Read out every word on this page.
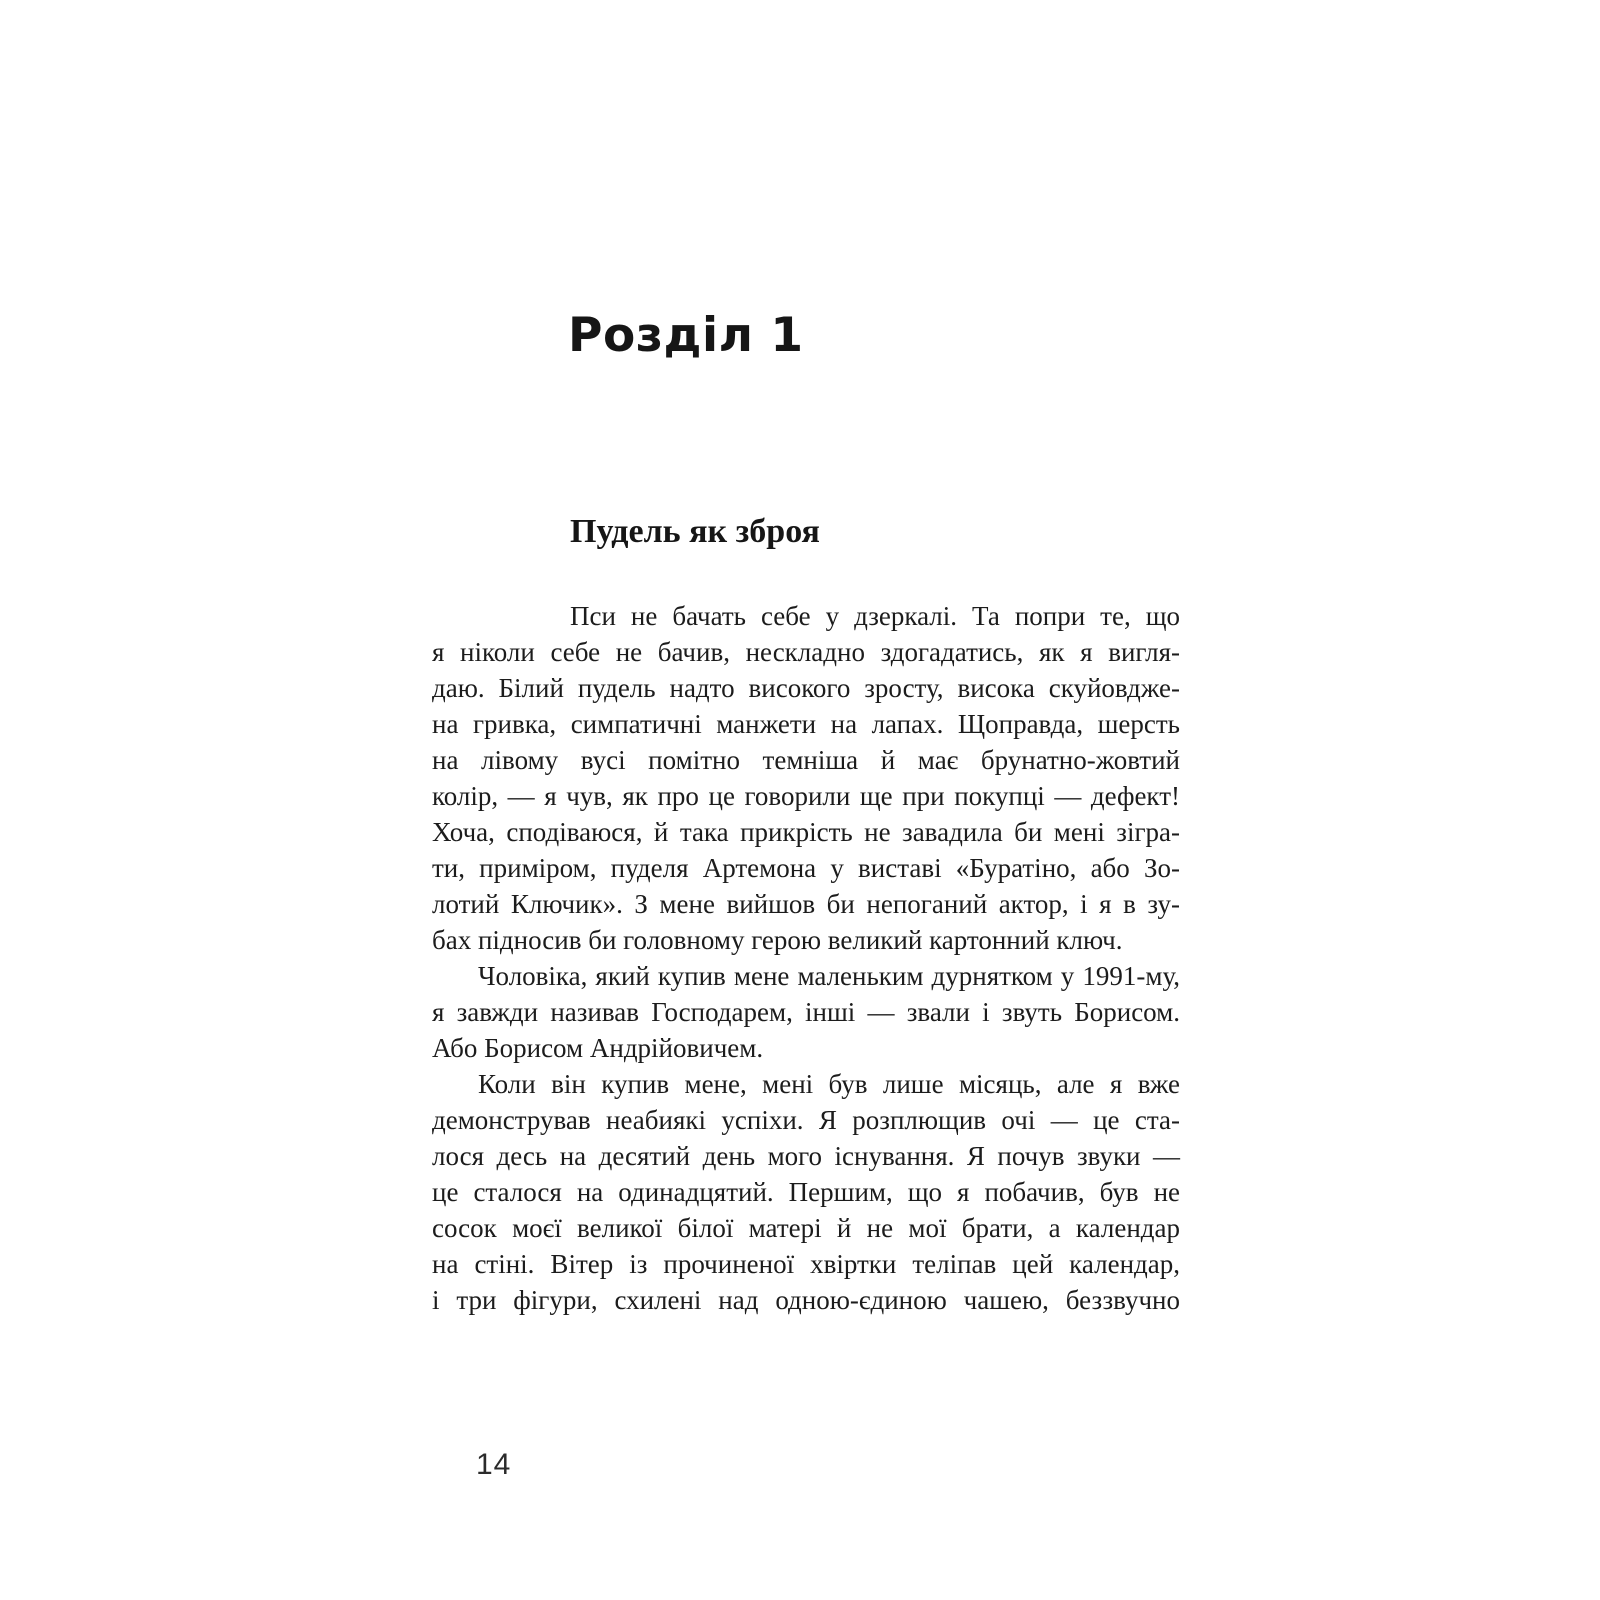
Розділ 1
Пудель як зброя
Пси не бачать себе у дзеркалі. Та попри те, що
я ніколи себе не бачив, нескладно здогадатись, як я вигля-
даю. Білий пудель надто високого зросту, висока скуйовдже-
на гривка, симпатичні манжети на лапах. Щоправда, шерсть
на лівому вусі помітно темніша й має брунатно-жовтий
колір, — я чув, як про це говорили ще при покупці — дефект!
Хоча, сподіваюся, й така прикрість не завадила би мені зігра-
ти, приміром, пуделя Артемона у виставі «Буратіно, або Зо-
лотий Ключик». З мене вийшов би непоганий актор, і я в зу-
бах підносив би головному герою великий картонний ключ.
Чоловіка, який купив мене маленьким дурнятком у 1991-му,
я завжди називав Господарем, інші — звали і звуть Борисом.
Або Борисом Андрійовичем.
Коли він купив мене, мені був лише місяць, але я вже
демонстрував неабиякі успіхи. Я розплющив очі — це ста-
лося десь на десятий день мого існування. Я почув звуки —
це сталося на одинадцятий. Першим, що я побачив, був не
сосок моєї великої білої матері й не мої брати, а календар
на стіні. Вітер із прочиненої хвіртки теліпав цей календар,
і три фігури, схилені над одною-єдиною чашею, беззвучно
14
